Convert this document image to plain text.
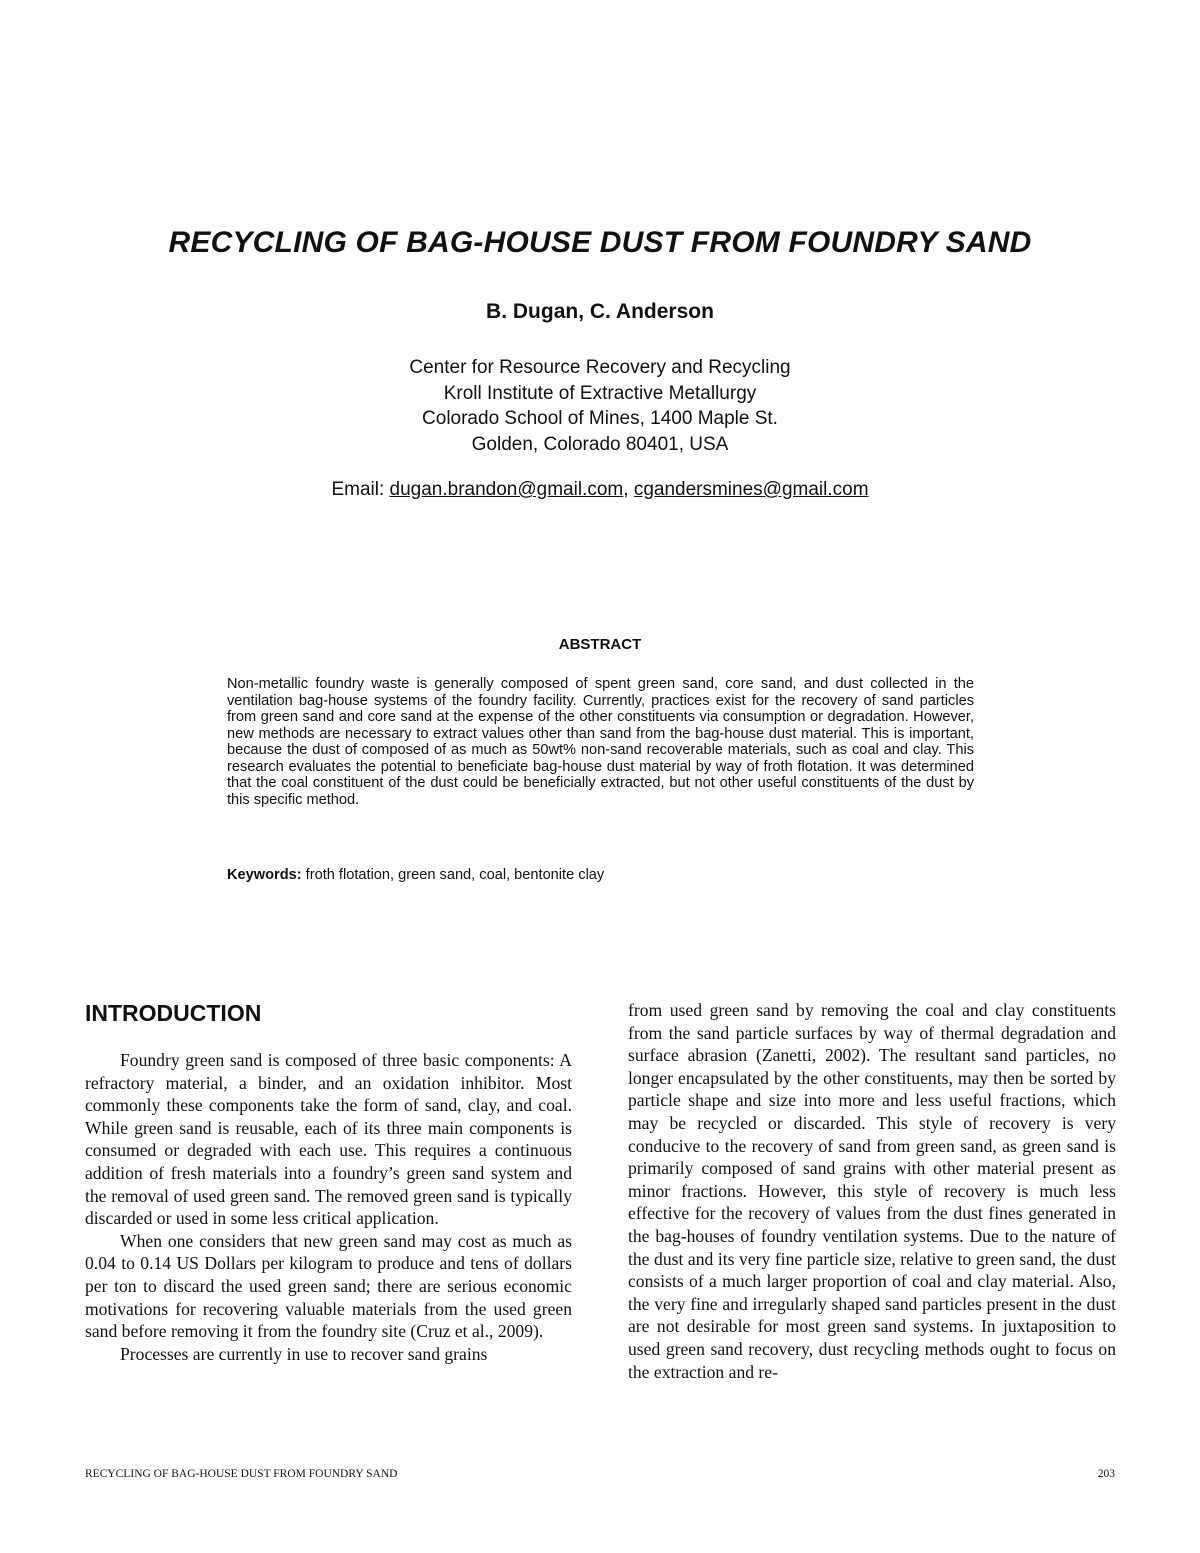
RECYCLING OF BAG-HOUSE DUST FROM FOUNDRY SAND
B. Dugan, C. Anderson
Center for Resource Recovery and Recycling
Kroll Institute of Extractive Metallurgy
Colorado School of Mines, 1400 Maple St.
Golden, Colorado 80401, USA
Email: dugan.brandon@gmail.com, cgandersmines@gmail.com
ABSTRACT

Non-metallic foundry waste is generally composed of spent green sand, core sand, and dust collected in the ventilation bag-house systems of the foundry facility. Currently, practices exist for the recovery of sand particles from green sand and core sand at the expense of the other constituents via consumption or degradation. However, new methods are necessary to extract values other than sand from the bag-house dust material. This is important, because the dust of composed of as much as 50wt% non-sand recoverable materials, such as coal and clay. This research evaluates the potential to beneficiate bag-house dust material by way of froth flotation. It was determined that the coal constituent of the dust could be beneficially extracted, but not other useful constituents of the dust by this specific method.

Keywords: froth flotation, green sand, coal, bentonite clay
INTRODUCTION

Foundry green sand is composed of three basic components: A refractory material, a binder, and an oxidation inhibitor. Most commonly these components take the form of sand, clay, and coal. While green sand is reusable, each of its three main components is consumed or degraded with each use. This requires a continuous addition of fresh materials into a foundry’s green sand system and the removal of used green sand. The removed green sand is typically discarded or used in some less critical application.

When one considers that new green sand may cost as much as 0.04 to 0.14 US Dollars per kilogram to produce and tens of dollars per ton to discard the used green sand; there are serious economic motivations for recovering valuable materials from the used green sand before removing it from the foundry site (Cruz et al., 2009).

Processes are currently in use to recover sand grains

from used green sand by removing the coal and clay constituents from the sand particle surfaces by way of thermal degradation and surface abrasion (Zanetti, 2002). The resultant sand particles, no longer encapsulated by the other constituents, may then be sorted by particle shape and size into more and less useful fractions, which may be recycled or discarded. This style of recovery is very conducive to the recovery of sand from green sand, as green sand is primarily composed of sand grains with other material present as minor fractions. However, this style of recovery is much less effective for the recovery of values from the dust fines generated in the bag-houses of foundry ventilation systems. Due to the nature of the dust and its very fine particle size, relative to green sand, the dust consists of a much larger proportion of coal and clay material. Also, the very fine and irregularly shaped sand particles present in the dust are not desirable for most green sand systems. In juxtaposition to used green sand recovery, dust recycling methods ought to focus on the extraction and re-

RECYCLING OF BAG-HOUSE DUST FROM FOUNDRY SAND	203
